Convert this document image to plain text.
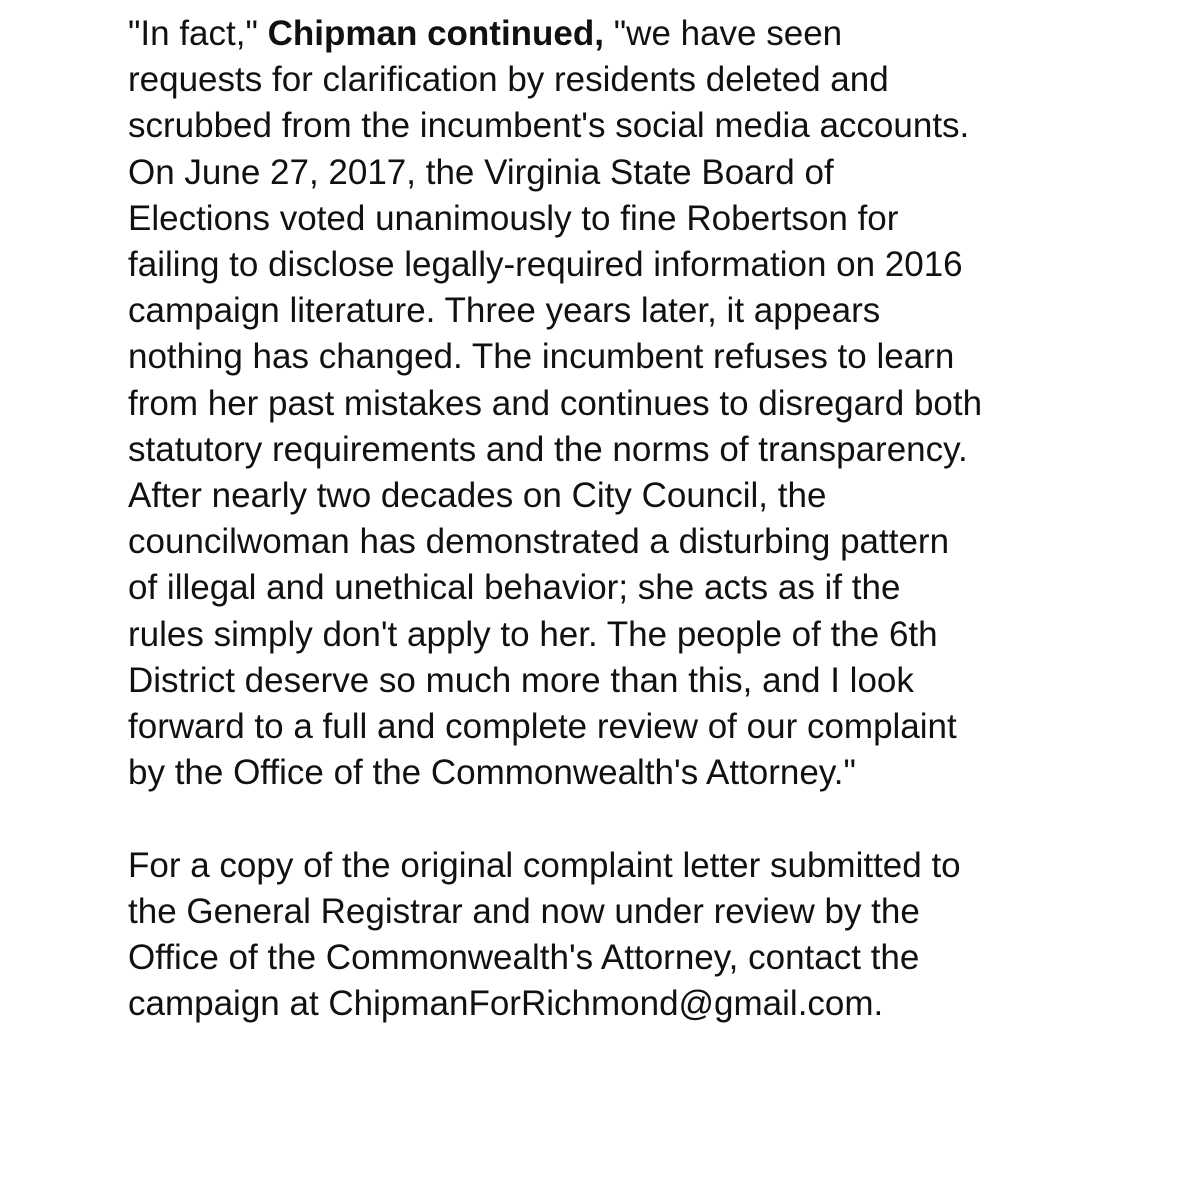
"In fact," Chipman continued, "we have seen
requests for clarification by residents deleted and
scrubbed from the incumbent's social media accounts.
On June 27, 2017, the Virginia State Board of
Elections voted unanimously to fine Robertson for
failing to disclose legally-required information on 2016
campaign literature. Three years later, it appears
nothing has changed. The incumbent refuses to learn
from her past mistakes and continues to disregard both
statutory requirements and the norms of transparency.
After nearly two decades on City Council, the
councilwoman has demonstrated a disturbing pattern
of illegal and unethical behavior; she acts as if the
rules simply don't apply to her. The people of the 6th
District deserve so much more than this, and I look
forward to a full and complete review of our complaint
by the Office of the Commonwealth's Attorney."

For a copy of the original complaint letter submitted to
the General Registrar and now under review by the
Office of the Commonwealth's Attorney, contact the
campaign at ChipmanForRichmond@gmail.com.
